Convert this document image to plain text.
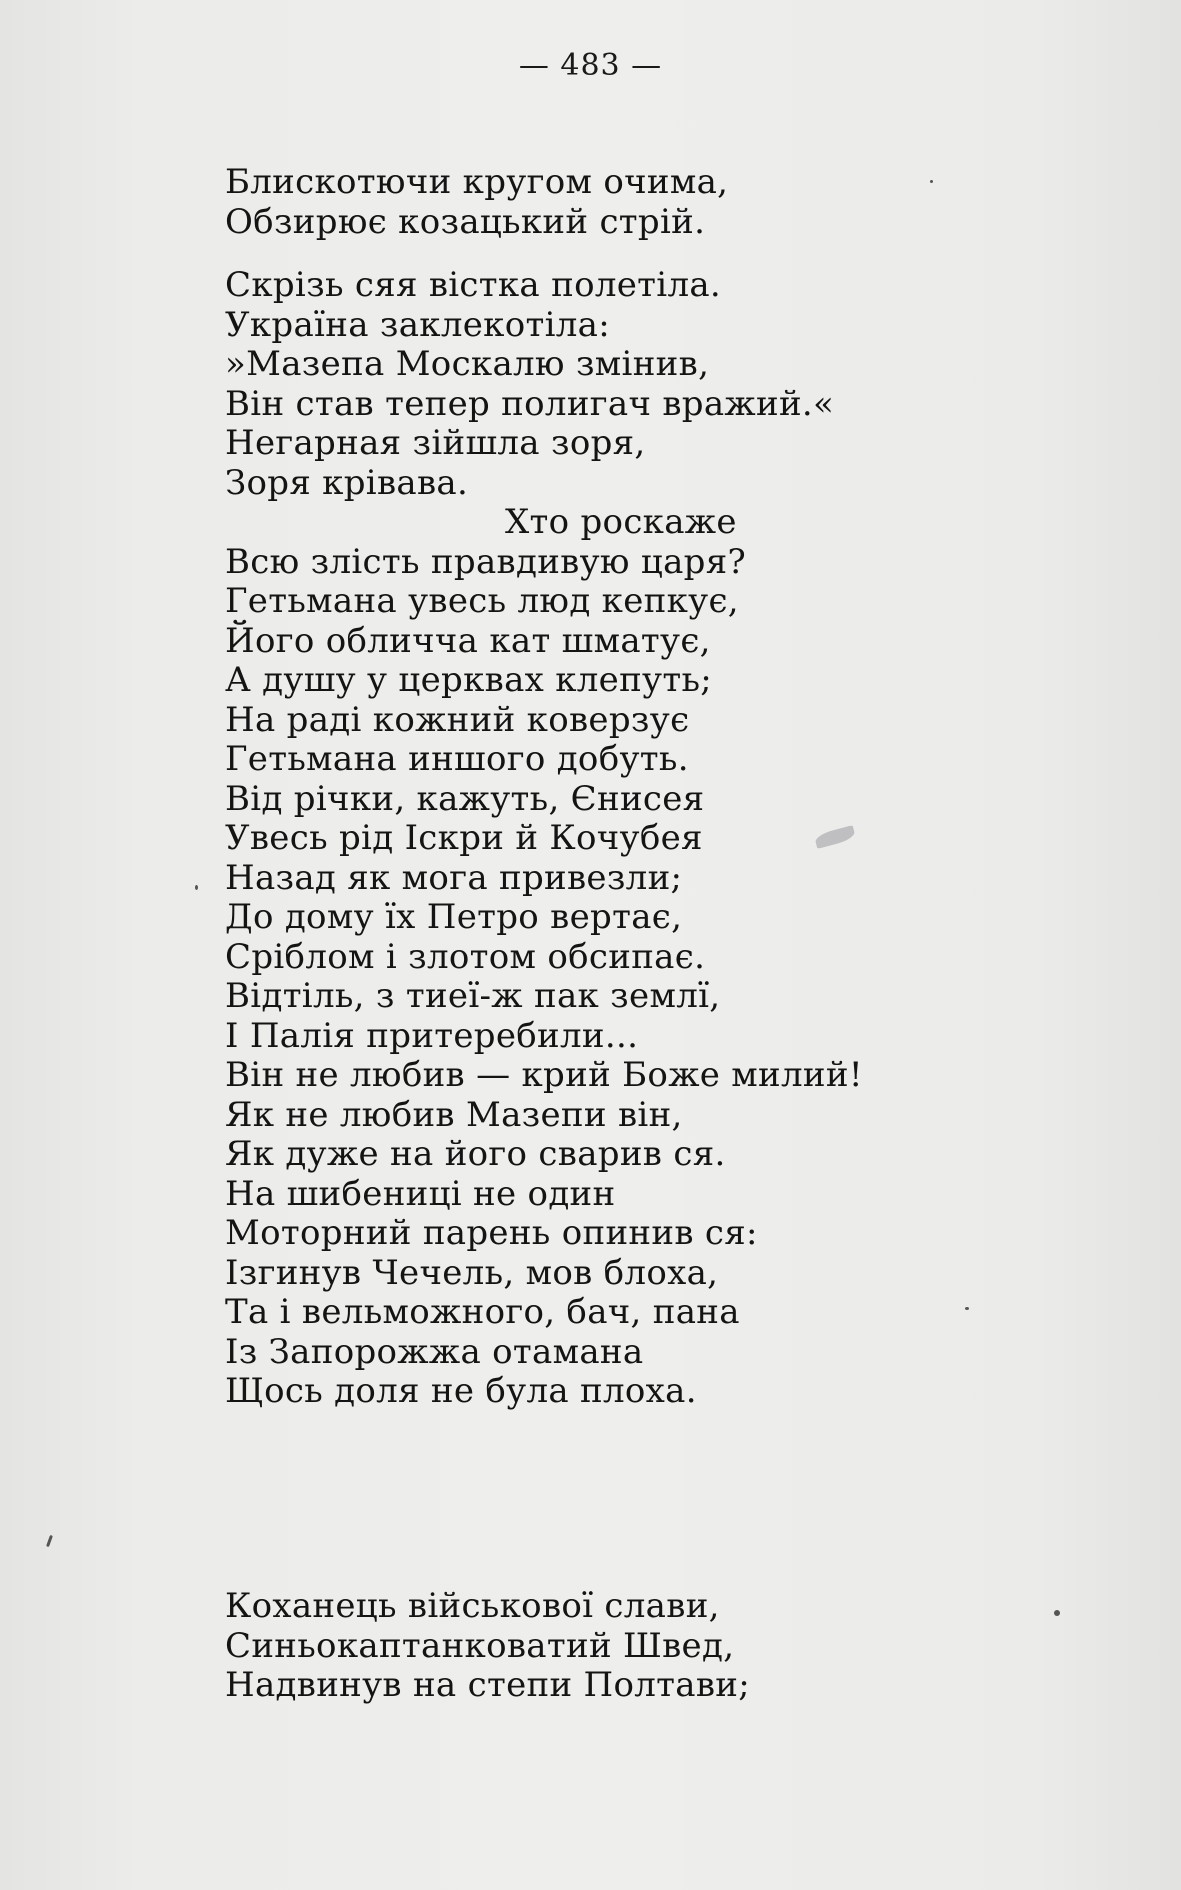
— 483 —
Блискотючи кругом очима,
Обзирює козацький стрій.
Скрізь сяя вістка полетіла.
Україна заклекотіла:
»Мазепа Москалю змінив,
Він став тепер полигач вражий.«
Негарная зійшла зоря,
Зоря крівава.
Хто роскаже
Всю злість правдивую царя?
Гетьмана увесь люд кепкує,
Його обличча кат шматує,
А душу у церквах клепуть;
На раді кожний коверзує
Гетьмана иншого добуть.
Від річки, кажуть, Єнисея
Увесь рід Іскри й Кочубея
Назад як мога привезли;
До дому їх Петро вертає,
Сріблом і злотом обсипає.
Відтіль, з тиеї-ж пак землї,
І Палія притеребили...
Він не любив — крий Боже милий!
Як не любив Мазепи він,
Як дуже на його сварив ся.
На шибениці не один
Моторний парень опинив ся:
Ізгинув Чечель, мов блоха,
Та і вельможного, бач, пана
Із Запорожжа отамана
Щось доля не була плоха.
Коханець військової слави,
Синьокаптанковатий Швед,
Надвинув на степи Полтави;
